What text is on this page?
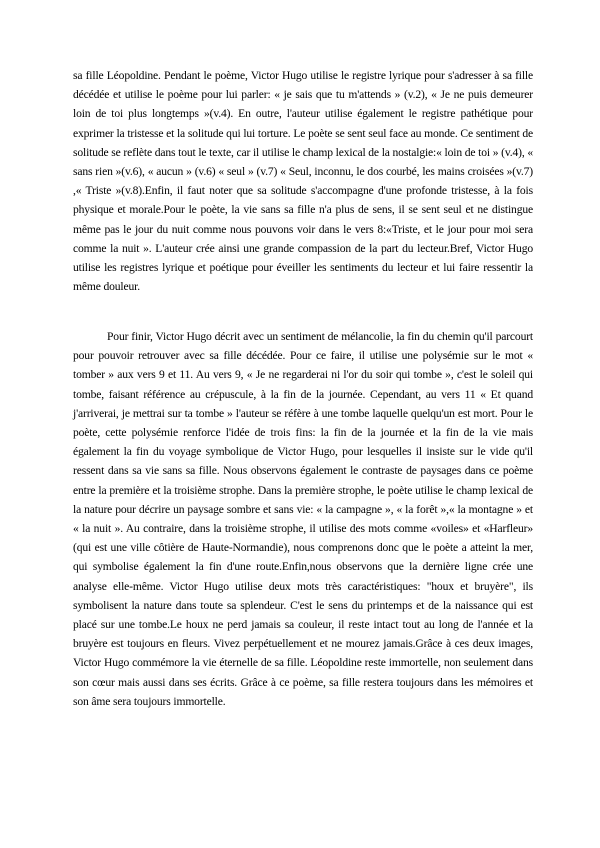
sa fille Léopoldine. Pendant le poème, Victor Hugo utilise le registre lyrique pour s'adresser à sa fille décédée et utilise le poème pour lui parler: « je sais que tu m'attends » (v.2), « Je ne puis demeurer loin de toi plus longtemps »(v.4). En outre, l'auteur utilise également le registre pathétique pour exprimer la tristesse et la solitude qui lui torture. Le poète se sent seul face au monde. Ce sentiment de solitude se reflète dans tout le texte, car il utilise le champ lexical de la nostalgie:« loin de toi » (v.4), « sans rien »(v.6), « aucun » (v.6) « seul » (v.7) « Seul, inconnu, le dos courbé, les mains croisées »(v.7) ,« Triste »(v.8).Enfin, il faut noter que sa solitude s'accompagne d'une profonde tristesse, à la fois physique et morale.Pour le poète, la vie sans sa fille n'a plus de sens, il se sent seul et ne distingue même pas le jour du nuit comme nous pouvons voir dans le vers 8:«Triste, et le jour pour moi sera comme la nuit ». L'auteur crée ainsi une grande compassion de la part du lecteur.Bref, Victor Hugo utilise les registres lyrique et poétique pour éveiller les sentiments du lecteur et lui faire ressentir la même douleur.

Pour finir, Victor Hugo décrit avec un sentiment de mélancolie, la fin du chemin qu'il parcourt pour pouvoir retrouver avec sa fille décédée. Pour ce faire, il utilise une polysémie sur le mot « tomber » aux vers 9 et 11. Au vers 9, « Je ne regarderai ni l'or du soir qui tombe », c'est le soleil qui tombe, faisant référence au crépuscule, à la fin de la journée. Cependant, au vers 11 « Et quand j'arriverai, je mettrai sur ta tombe » l'auteur se réfère à une tombe laquelle quelqu'un est mort. Pour le poète, cette polysémie renforce l'idée de trois fins: la fin de la journée et la fin de la vie mais également la fin du voyage symbolique de Victor Hugo, pour lesquelles il insiste sur le vide qu'il ressent dans sa vie sans sa fille. Nous observons également le contraste de paysages dans ce poème entre la première et la troisième strophe. Dans la première strophe, le poète utilise le champ lexical de la nature pour décrire un paysage sombre et sans vie: « la campagne », « la forêt »,« la montagne » et « la nuit ». Au contraire, dans la troisième strophe, il utilise des mots comme «voiles» et «Harfleur» (qui est une ville côtière de Haute-Normandie), nous comprenons donc que le poète a atteint la mer, qui symbolise également la fin d'une route.Enfin,nous observons que la dernière ligne crée une analyse elle-même. Victor Hugo utilise deux mots très caractéristiques: "houx et bruyère", ils symbolisent la nature dans toute sa splendeur. C'est le sens du printemps et de la naissance qui est placé sur une tombe.Le houx ne perd jamais sa couleur, il reste intact tout au long de l'année et la bruyère est toujours en fleurs. Vivez perpétuellement et ne mourez jamais.Grâce à ces deux images, Victor Hugo commémore la vie éternelle de sa fille. Léopoldine reste immortelle, non seulement dans son cœur mais aussi dans ses écrits. Grâce à ce poème, sa fille restera toujours dans les mémoires et son âme sera toujours immortelle.
